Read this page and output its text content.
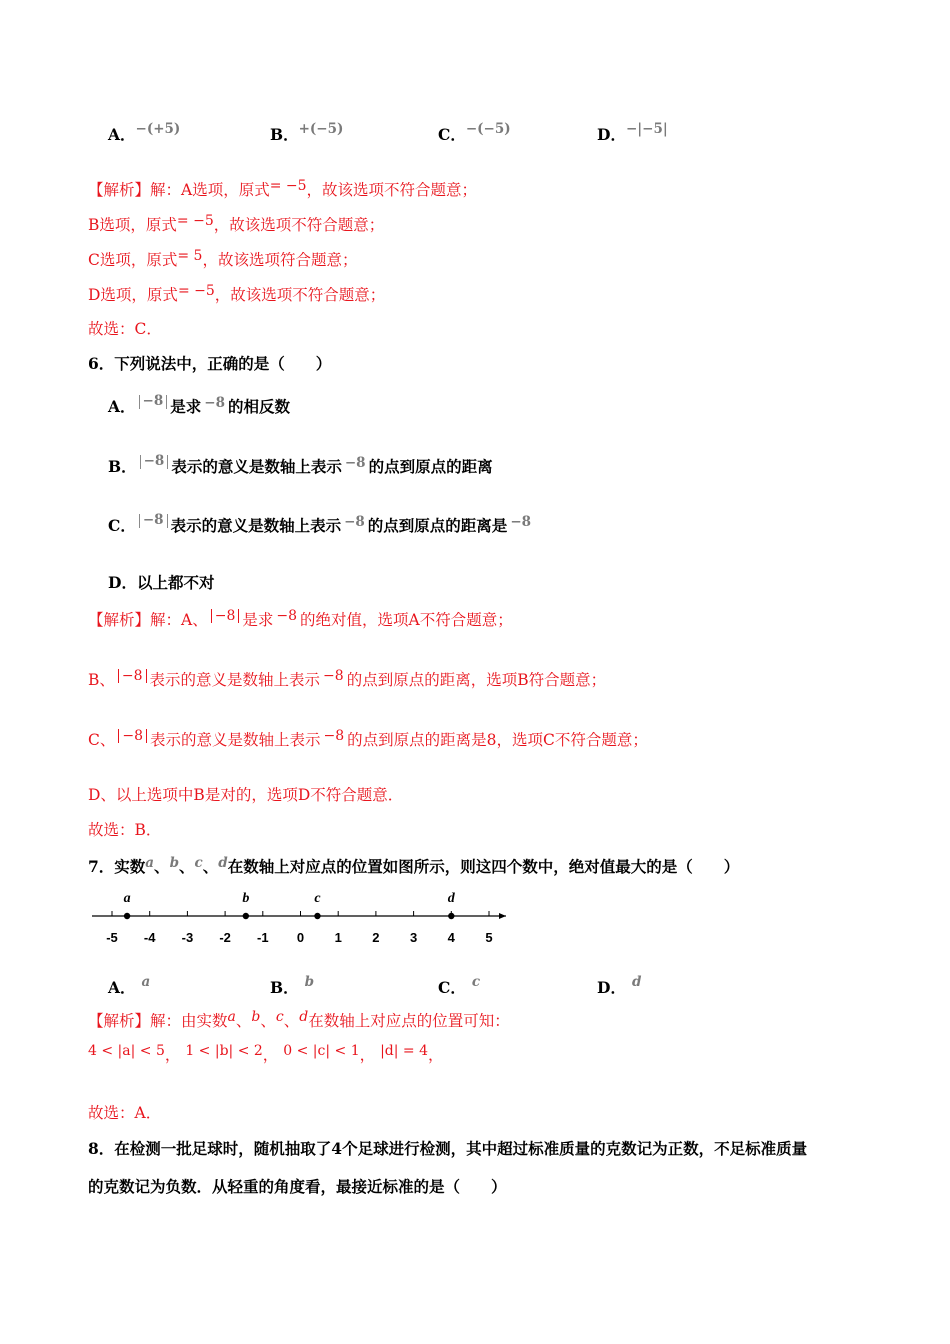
A．−(+5)	B．+(−5)	C．−(−5)	D．−|−5|
【解析】解：A选项，原式= −5，故该选项不符合题意；
B选项，原式= −5，故该选项不符合题意；
C选项，原式= 5，故该选项符合题意；
D选项，原式= −5，故该选项不符合题意；
故选：C．
6．下列说法中，正确的是（　　）
A． −8 是求 −8 的相反数
B． −8 表示的意义是数轴上表示 −8 的点到原点的距离
C． −8 表示的意义是数轴上表示 −8 的点到原点的距离是 −8
D．以上都不对
【解析】解：A、 −8 是求 −8 的绝对值，选项A不符合题意；
B、 −8 表示的意义是数轴上表示 −8 的点到原点的距离，选项B符合题意；
C、 −8 表示的意义是数轴上表示 −8 的点到原点的距离是8，选项C不符合题意；
D、以上选项中B是对的，选项D不符合题意．
故选：B．
7．实数a、b、c、d在数轴上对应点的位置如图所示，则这四个数中，绝对值最大的是（　　）
-5 -4 -3 -2 -1 0 1 2 3 4 5
a	b	c	d
A． a	B． b	C． c	D． d
【解析】解：由实数a、b、c、d在数轴上对应点的位置可知：
4 < |a| < 5， 1 < |b| < 2， 0 < |c| < 1， |d| = 4，
故选：A．
8．在检测一批足球时，随机抽取了4个足球进行检测，其中超过标准质量的克数记为正数，不足标准质量
的克数记为负数．从轻重的角度看，最接近标准的是（　　）
